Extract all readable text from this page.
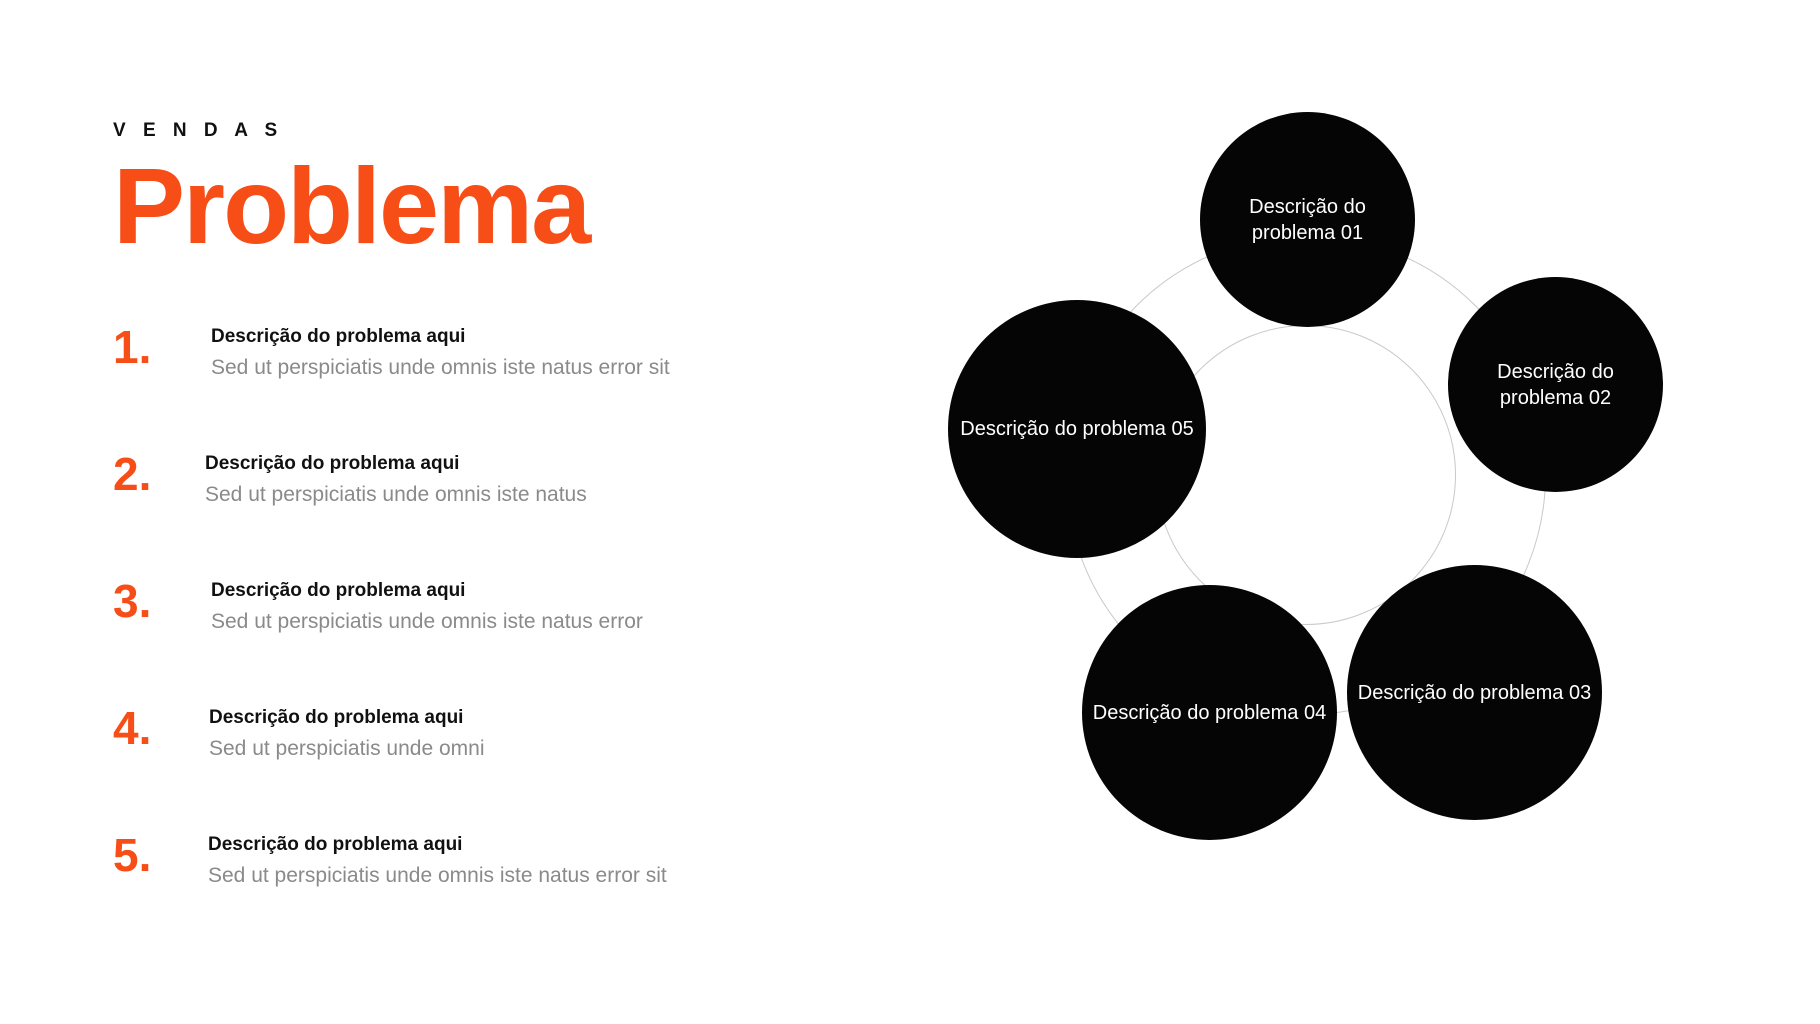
V E N D A S
Problema
1.	Descrição do problema aqui

Sed ut perspiciatis unde omnis iste natus error sit

2.	Descrição do problema aqui

Sed ut perspiciatis unde omnis iste natus

3.	Descrição do problema aqui

Sed ut perspiciatis unde omnis iste natus error

4.	Descrição do problema aqui

Sed ut perspiciatis unde omni

5.	Descrição do problema aqui

Sed ut perspiciatis unde omnis iste natus error sit

Descrição do problema 01
Descrição do problema 02
Descrição do problema 03
Descrição do problema 04
Descrição do problema 05
